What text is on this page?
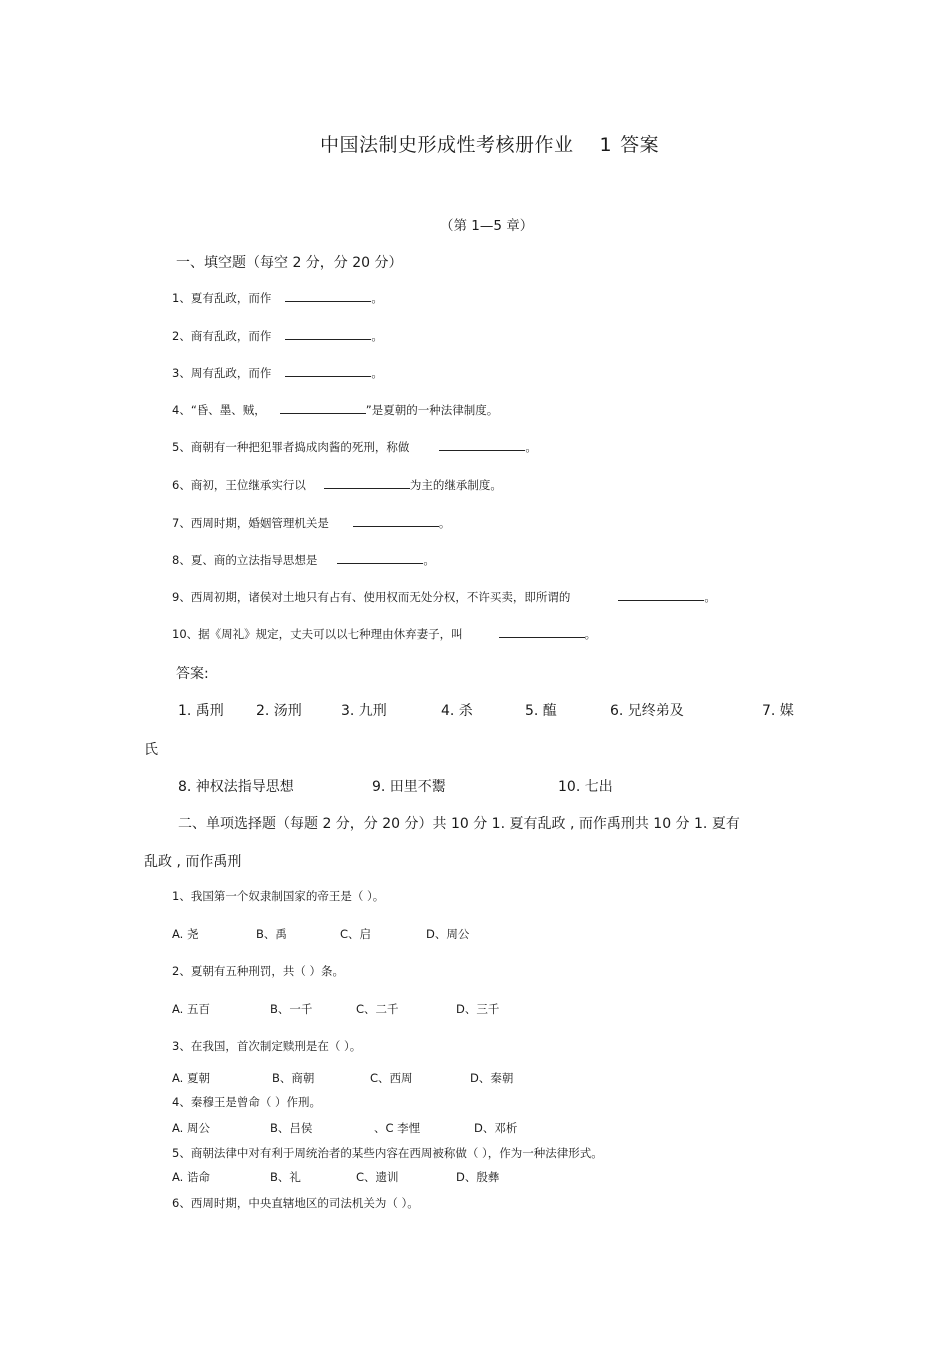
中国法制史形成性考核册作业 1 答案
（第 1—5 章）
一、填空题（每空 2 分，分 20 分）
1、夏有乱政，而作	。
2、商有乱政，而作	。
3、周有乱政，而作	。
4、“昏、墨、贼，	”是夏朝的一种法律制度。
5、商朝有一种把犯罪者捣成肉酱的死刑，称做	。
6、商初，王位继承实行以	为主的继承制度。
7、西周时期，婚姻管理机关是	。
8、夏、商的立法指导思想是	。
9、西周初期，诸侯对土地只有占有、使用权而无处分权，不许买卖，即所谓的	。
10、据《周礼》规定，丈夫可以以七种理由休弃妻子，叫	。
答案:
1. 禹刑 2. 汤刑	3. 九刑	4. 杀	5. 醢	6. 兄终弟及	7. 媒
氏
8. 神权法指导思想	9. 田里不鬻	10. 七出
二、单项选择题（每题 2 分，分 20 分）共 10 分 1. 夏有乱政 , 而作禹刑共 10 分 1. 夏有
乱政 , 而作禹刑
1、我国第一个奴隶制国家的帝王是（ ）。
A. 尧	B、禹	C、启	D、周公
2、夏朝有五种刑罚，共（ ）条。
A. 五百	B、一千	C、二千	D、三千
3、在我国，首次制定赎刑是在（ ）。
A. 夏朝	B、商朝	C、西周	D、秦朝
4、秦穆王是曾命（ ）作刑。
A. 周公	B、吕侯	、C 李悝	D、邓析
5、商朝法律中对有利于周统治者的某些内容在西周被称做（ ），作为一种法律形式。
A. 诰命	B、礼	C、遗训	D、殷彝
6、西周时期，中央直辖地区的司法机关为（ ）。
